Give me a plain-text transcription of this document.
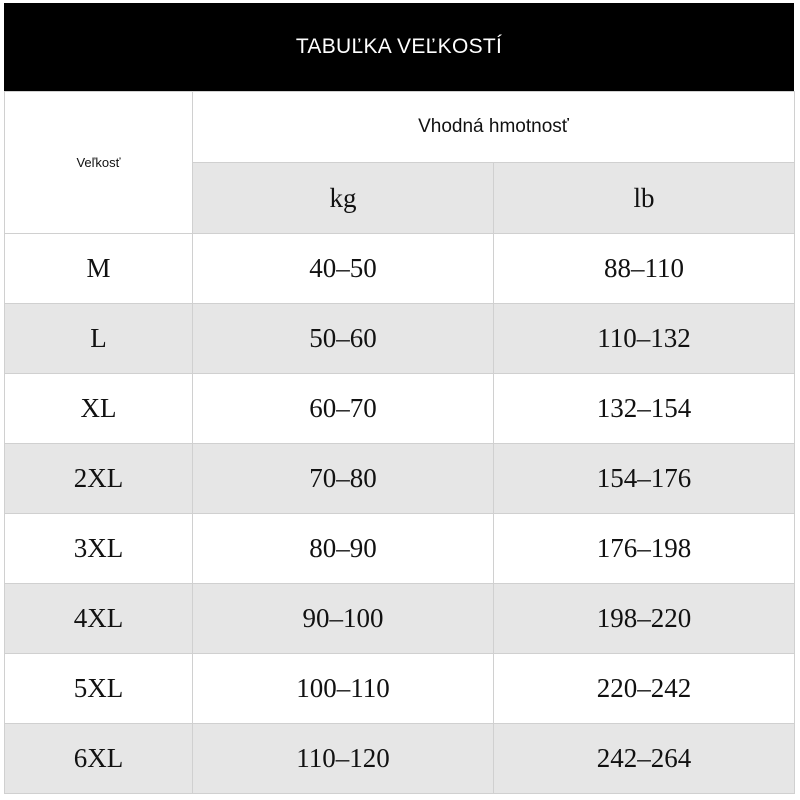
TABUĽKA VEĽKOSTÍ
Veľkosť	Vhodná hmotnosť	
	kg	lb
M	40–50	88–110
L	50–60	110–132
XL	60–70	132–154
2XL	70–80	154–176
3XL	80–90	176–198
4XL	90–100	198–220
5XL	100–110	220–242
6XL	110–120	242–264
